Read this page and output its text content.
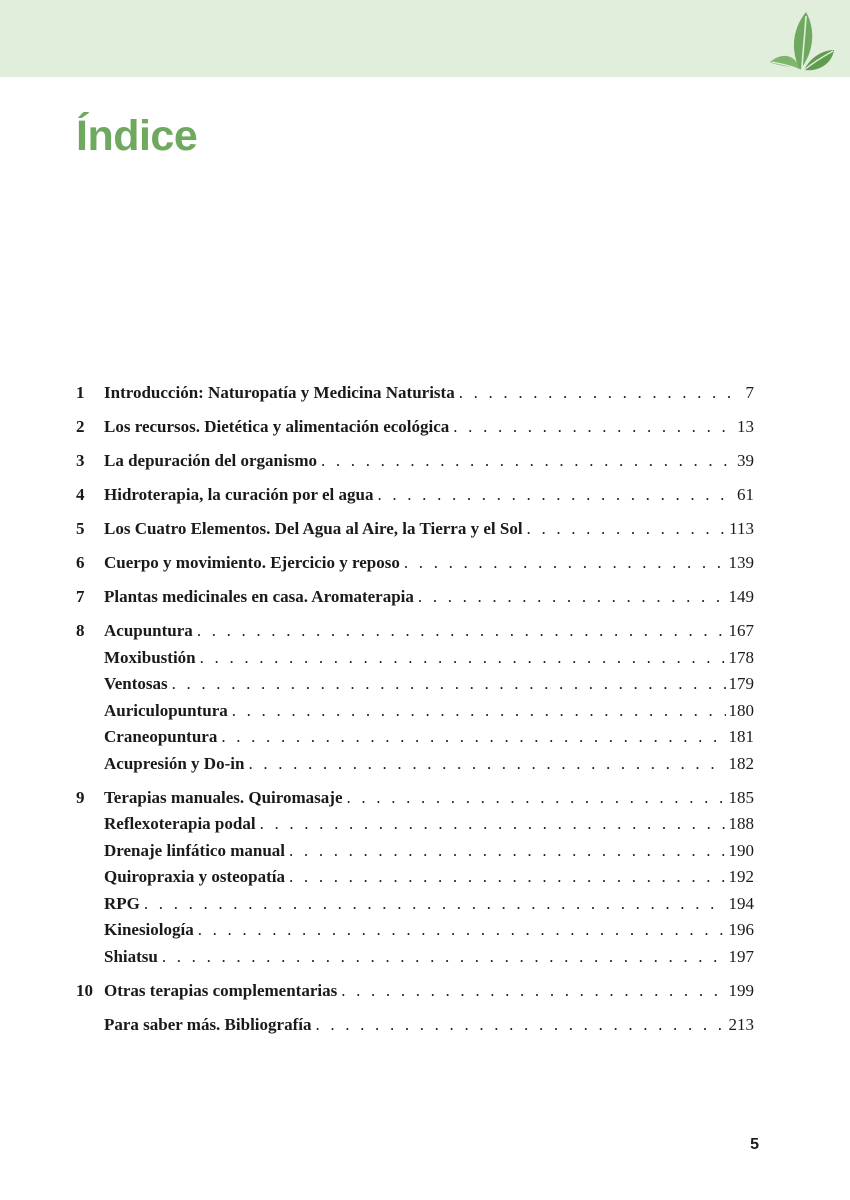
Índice
1	Introducción: Naturopatía y Medicina Naturista . . .	7
2	Los recursos. Dietética y alimentación ecológica . . .	13
3	La depuración del organismo . . .	39
4	Hidroterapia, la curación por el agua . . .	61
5	Los Cuatro Elementos. Del Agua al Aire, la Tierra y el Sol . . .	113
6	Cuerpo y movimiento. Ejercicio y reposo . . .	139
7	Plantas medicinales en casa. Aromaterapia . . .	149
8	Acupuntura . . .	167
Moxibustión . . .	178
Ventosas . . .	179
Auriculopuntura . . .	180
Craneopuntura . . .	181
Acupresión y Do-in . . .	182
9	Terapias manuales. Quiromasaje . . .	185
Reflexoterapia podal . . .	188
Drenaje linfático manual . . .	190
Quiropraxia y osteopatía . . .	192
RPG . . .	194
Kinesiología . . .	196
Shiatsu . . .	197
10 Otras terapias complementarias . . .	199
Para saber más. Bibliografía . . .	213
5
